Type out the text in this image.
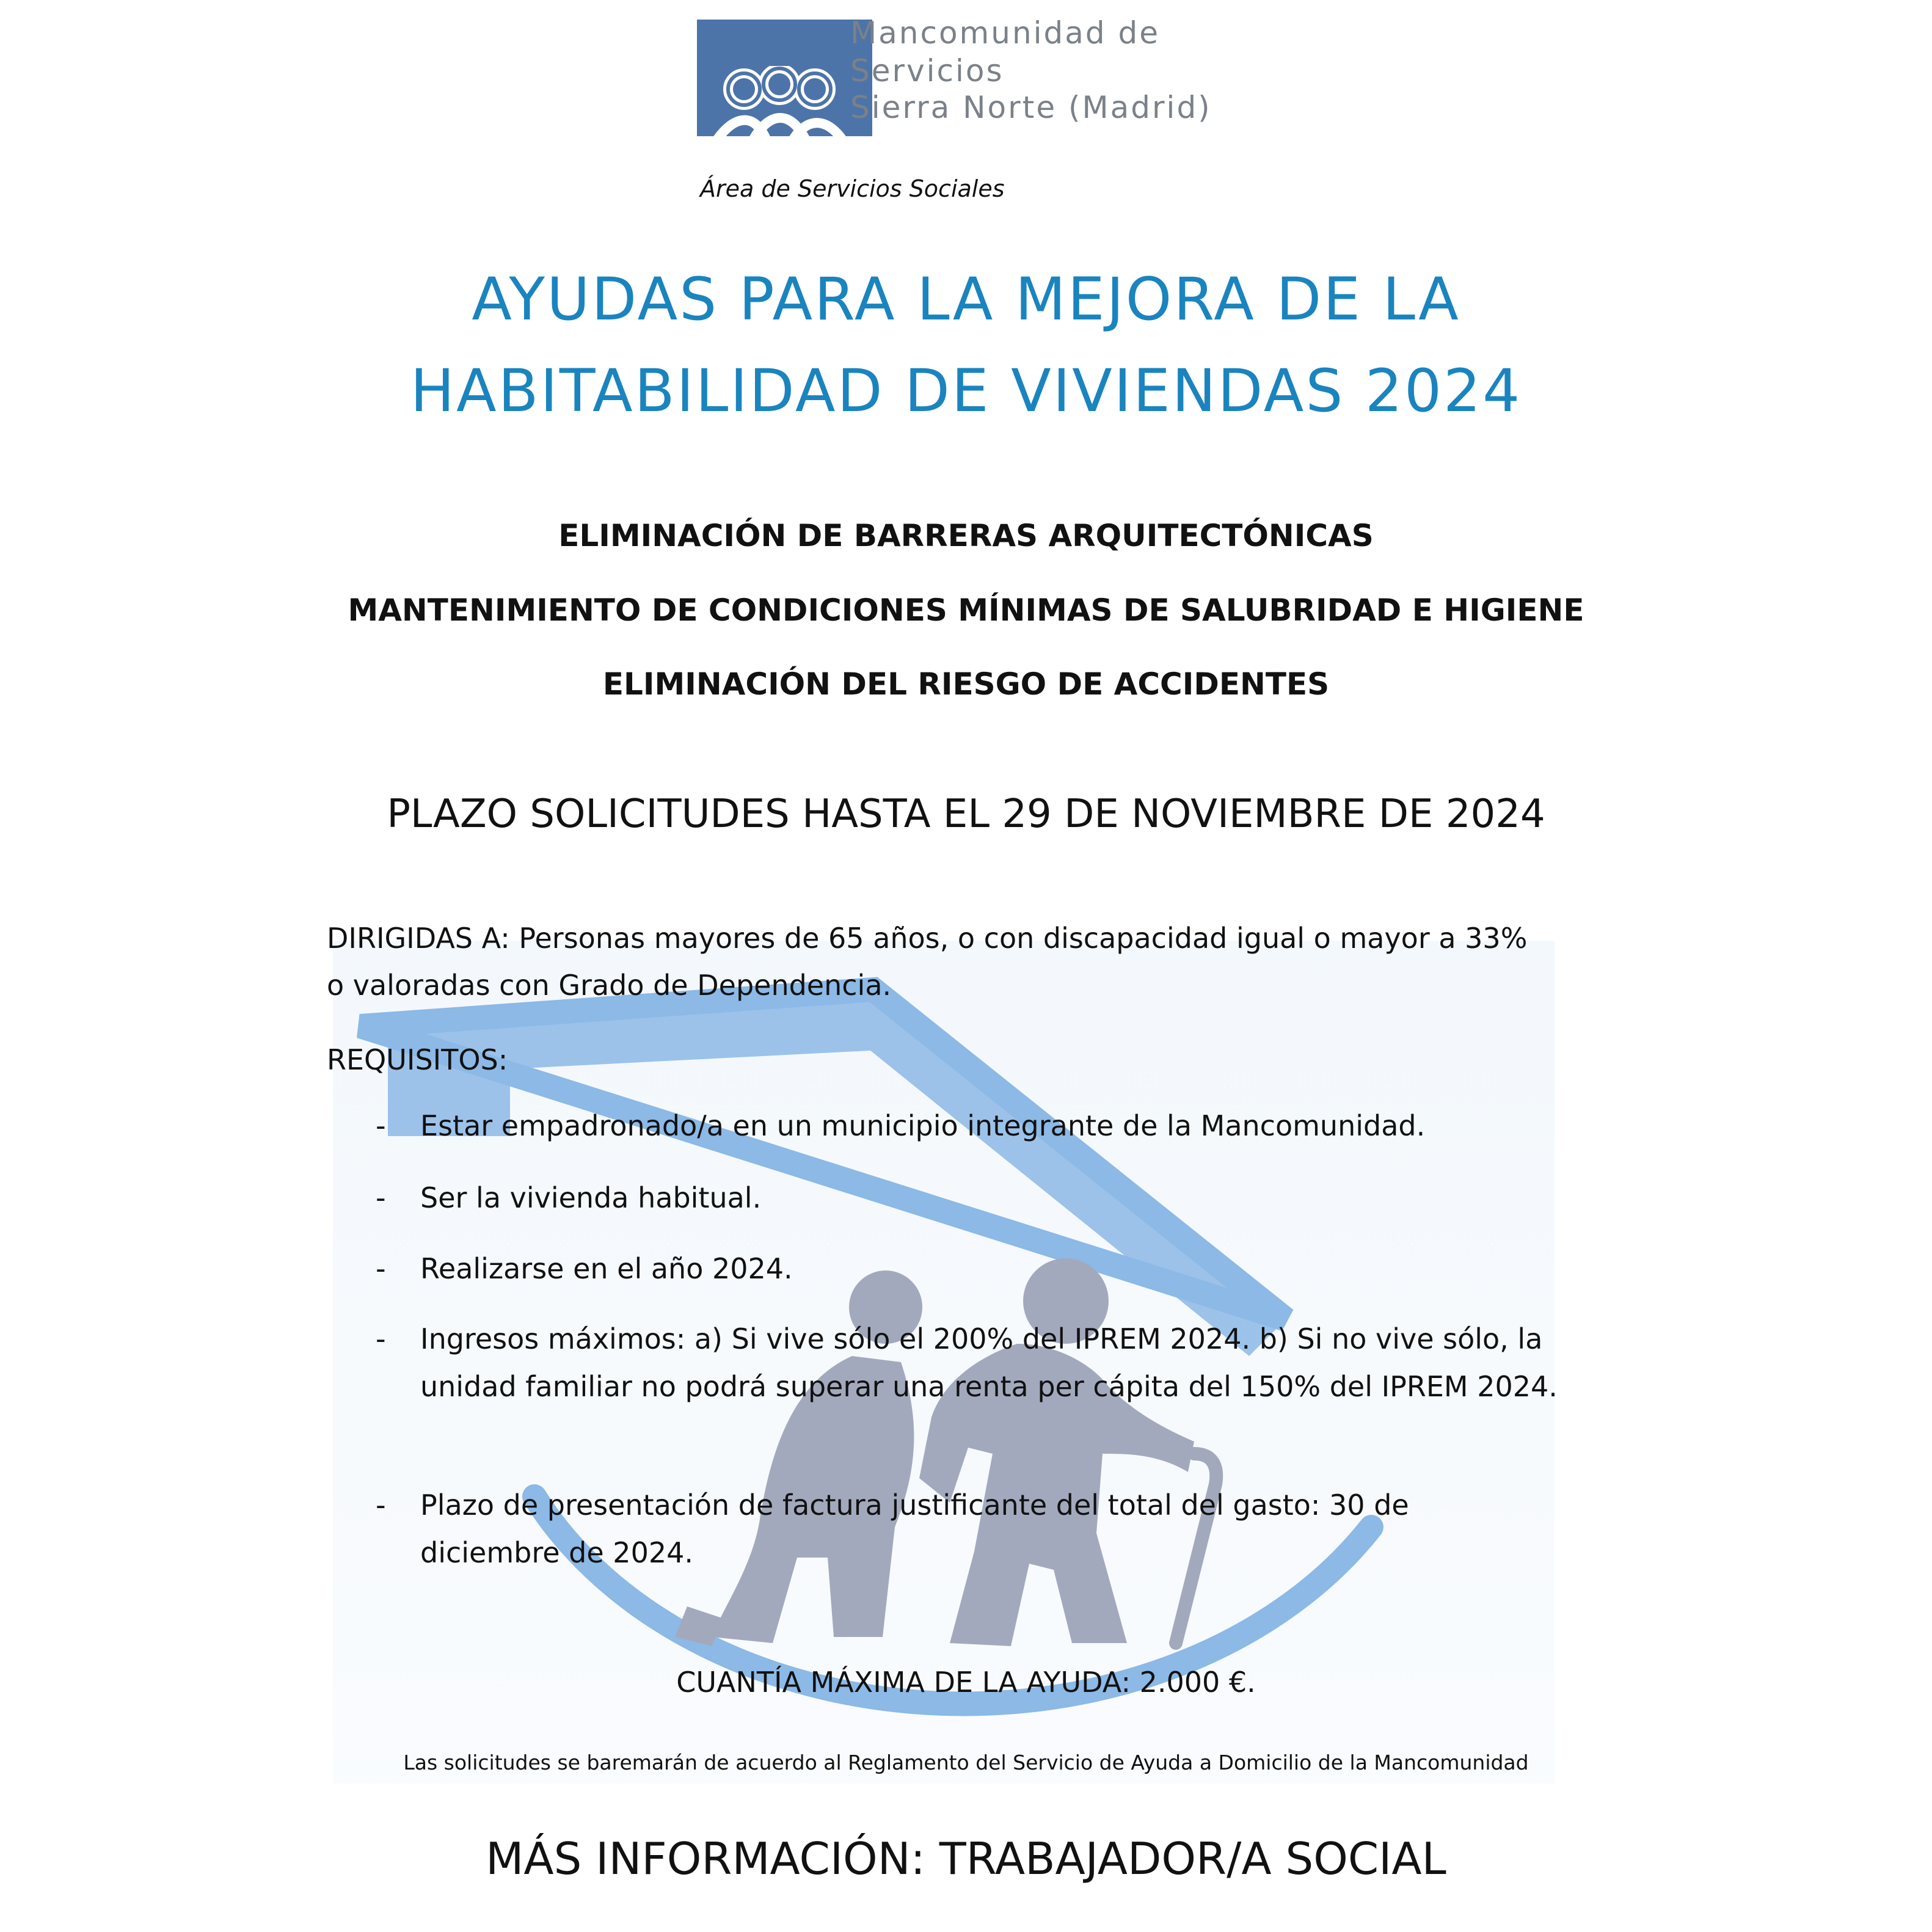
Mancomunidad de
Servicios
Sierra Norte (Madrid)
Área de Servicios Sociales
AYUDAS PARA LA MEJORA DE LA
HABITABILIDAD DE VIVIENDAS 2024
ELIMINACIÓN DE BARRERAS ARQUITECTÓNICAS
MANTENIMIENTO DE CONDICIONES MÍNIMAS DE SALUBRIDAD E HIGIENE
ELIMINACIÓN DEL RIESGO DE ACCIDENTES
PLAZO SOLICITUDES HASTA EL 29 DE NOVIEMBRE DE 2024
DIRIGIDAS A: Personas mayores de 65 años, o con discapacidad igual o mayor a 33%
o valoradas con Grado de Dependencia.
REQUISITOS:
- Estar empadronado/a en un municipio integrante de la Mancomunidad.
- Ser la vivienda habitual.
- Realizarse en el año 2024.
- Ingresos máximos: a) Si vive sólo el 200% del IPREM 2024. b) Si no vive sólo, la unidad familiar no podrá superar una renta per cápita del 150% del IPREM 2024.
- Plazo de presentación de factura justificante del total del gasto: 30 de diciembre de 2024.
CUANTÍA MÁXIMA DE LA AYUDA: 2.000 €.
Las solicitudes se baremarán de acuerdo al Reglamento del Servicio de Ayuda a Domicilio de la Mancomunidad
MÁS INFORMACIÓN: TRABAJADOR/A SOCIAL
